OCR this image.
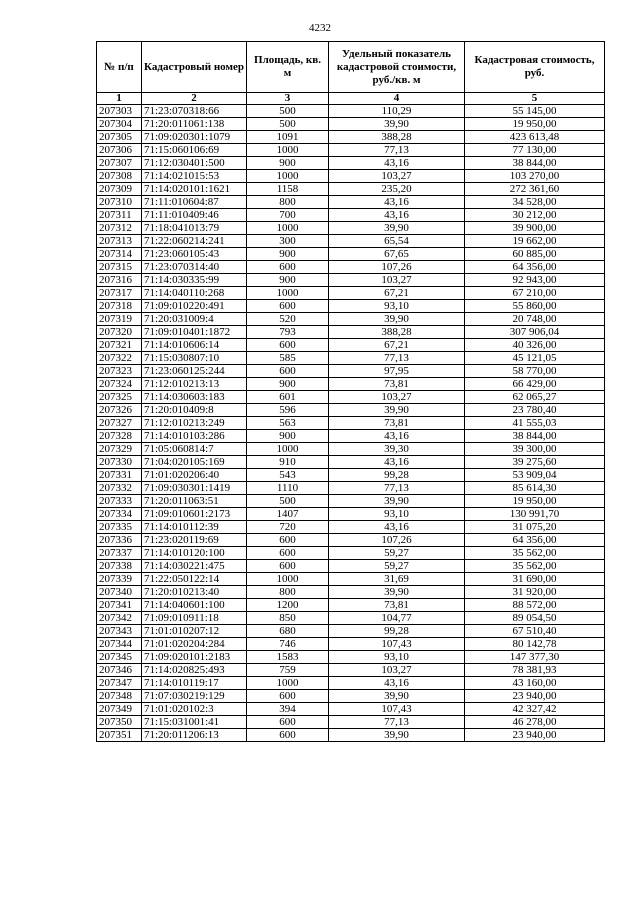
4232
№ п/п	Кадастровый номер	Площадь, кв. м	Удельный показатель кадастровой стоимости, руб./кв. м	Кадастровая стоимость, руб.
1	2	3	4	5
207303	71:23:070318:66	500	110,29	55 145,00
207304	71:20:011061:138	500	39,90	19 950,00
207305	71:09:020301:1079	1091	388,28	423 613,48
207306	71:15:060106:69	1000	77,13	77 130,00
207307	71:12:030401:500	900	43,16	38 844,00
207308	71:14:021015:53	1000	103,27	103 270,00
207309	71:14:020101:1621	1158	235,20	272 361,60
207310	71:11:010604:87	800	43,16	34 528,00
207311	71:11:010409:46	700	43,16	30 212,00
207312	71:18:041013:79	1000	39,90	39 900,00
207313	71:22:060214:241	300	65,54	19 662,00
207314	71:23:060105:43	900	67,65	60 885,00
207315	71:23:070314:40	600	107,26	64 356,00
207316	71:14:030335:99	900	103,27	92 943,00
207317	71:14:040110:268	1000	67,21	67 210,00
207318	71:09:010220:491	600	93,10	55 860,00
207319	71:20:031009:4	520	39,90	20 748,00
207320	71:09:010401:1872	793	388,28	307 906,04
207321	71:14:010606:14	600	67,21	40 326,00
207322	71:15:030807:10	585	77,13	45 121,05
207323	71:23:060125:244	600	97,95	58 770,00
207324	71:12:010213:13	900	73,81	66 429,00
207325	71:14:030603:183	601	103,27	62 065,27
207326	71:20:010409:8	596	39,90	23 780,40
207327	71:12:010213:249	563	73,81	41 555,03
207328	71:14:010103:286	900	43,16	38 844,00
207329	71:05:060814:7	1000	39,30	39 300,00
207330	71:04:020105:169	910	43,16	39 275,60
207331	71:01:020206:40	543	99,28	53 909,04
207332	71:09:030301:1419	1110	77,13	85 614,30
207333	71:20:011063:51	500	39,90	19 950,00
207334	71:09:010601:2173	1407	93,10	130 991,70
207335	71:14:010112:39	720	43,16	31 075,20
207336	71:23:020119:69	600	107,26	64 356,00
207337	71:14:010120:100	600	59,27	35 562,00
207338	71:14:030221:475	600	59,27	35 562,00
207339	71:22:050122:14	1000	31,69	31 690,00
207340	71:20:010213:40	800	39,90	31 920,00
207341	71:14:040601:100	1200	73,81	88 572,00
207342	71:09:010911:18	850	104,77	89 054,50
207343	71:01:010207:12	680	99,28	67 510,40
207344	71:01:020204:284	746	107,43	80 142,78
207345	71:09:020101:2183	1583	93,10	147 377,30
207346	71:14:020825:493	759	103,27	78 381,93
207347	71:14:010119:17	1000	43,16	43 160,00
207348	71:07:030219:129	600	39,90	23 940,00
207349	71:01:020102:3	394	107,43	42 327,42
207350	71:15:031001:41	600	77,13	46 278,00
207351	71:20:011206:13	600	39,90	23 940,00
